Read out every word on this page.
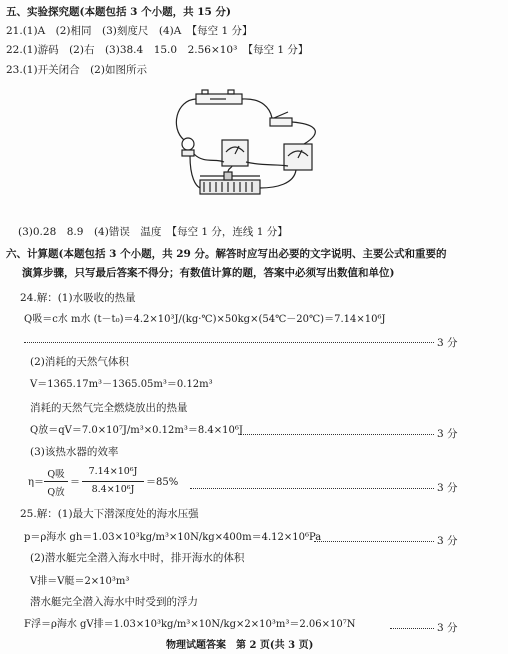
五、实验探究题(本题包括 3 个小题，共 15 分)
21.(1)A　(2)相同　(3)刻度尺　(4)A　【每空 1 分】
22.(1)游码　(2)右　(3)38.4　15.0　2.56×10³　【每空 1 分】
23.(1)开关闭合　(2)如图所示
(3)0.28　8.9　(4)错误　温度　【每空 1 分，连线 1 分】
六、计算题(本题包括 3 个小题，共 29 分。解答时应写出必要的文字说明、主要公式和重要的
演算步骤，只写最后答案不得分；有数值计算的题，答案中必须写出数值和单位)
24.解：(1)水吸收的热量
Q吸＝c水 m水 (t－t₀)＝4.2×10³J/(kg·℃)×50kg×(54℃－20℃)＝7.14×10⁶J
3 分
(2)消耗的天然气体积
V＝1365.17m³－1365.05m³＝0.12m³
消耗的天然气完全燃烧放出的热量
Q放＝qV＝7.0×10⁷J/m³×0.12m³＝8.4×10⁶J	3 分
(3)该热水器的效率
η＝
Q吸
Q放
＝
7.14×10⁶J
8.4×10⁶J
＝85%	3 分
25.解：(1)最大下潜深度处的海水压强
p＝ρ海水 gh＝1.03×10³kg/m³×10N/kg×400m＝4.12×10⁶Pa	3 分
(2)潜水艇完全潜入海水中时，排开海水的体积
V排＝V艇＝2×10³m³
潜水艇完全潜入海水中时受到的浮力
F浮＝ρ海水 gV排＝1.03×10³kg/m³×10N/kg×2×10³m³＝2.06×10⁷N	3 分
物理试题答案　第 2 页(共 3 页)
